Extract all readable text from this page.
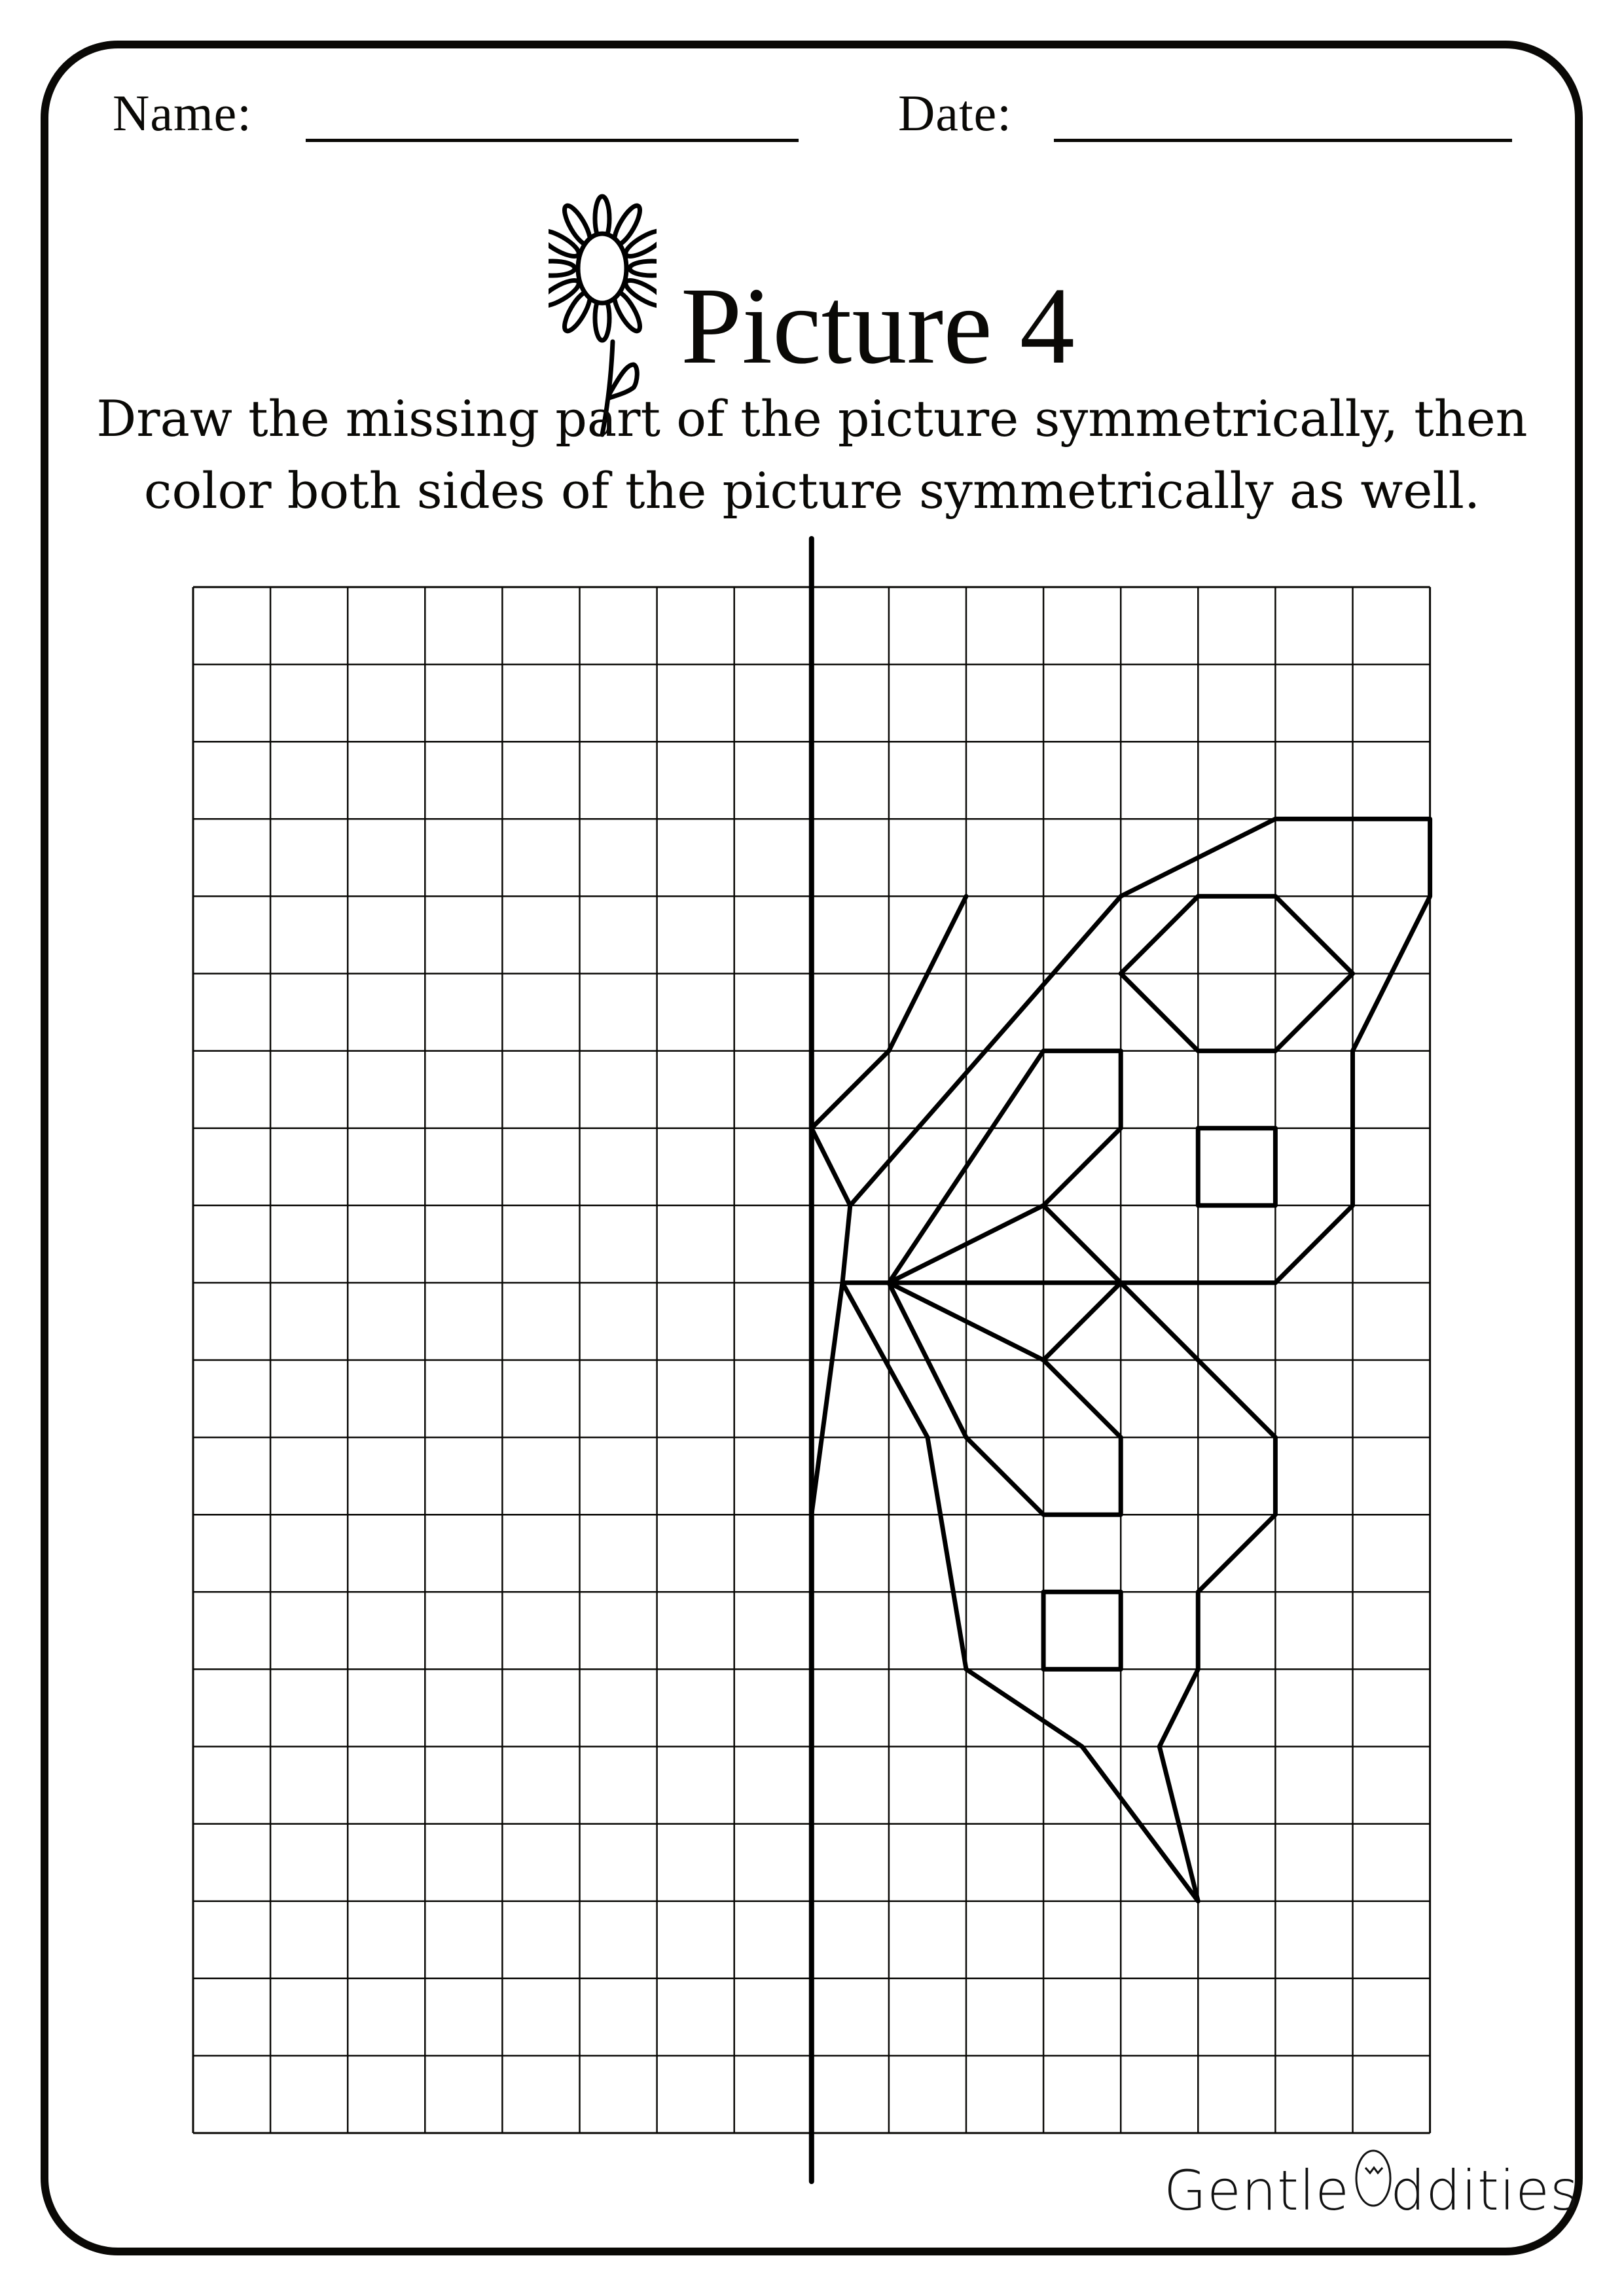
Name:	Date:
Picture 4
Draw the missing part of the picture symmetrically, then
color both sides of the picture symmetrically as well.
Gentle ddities
